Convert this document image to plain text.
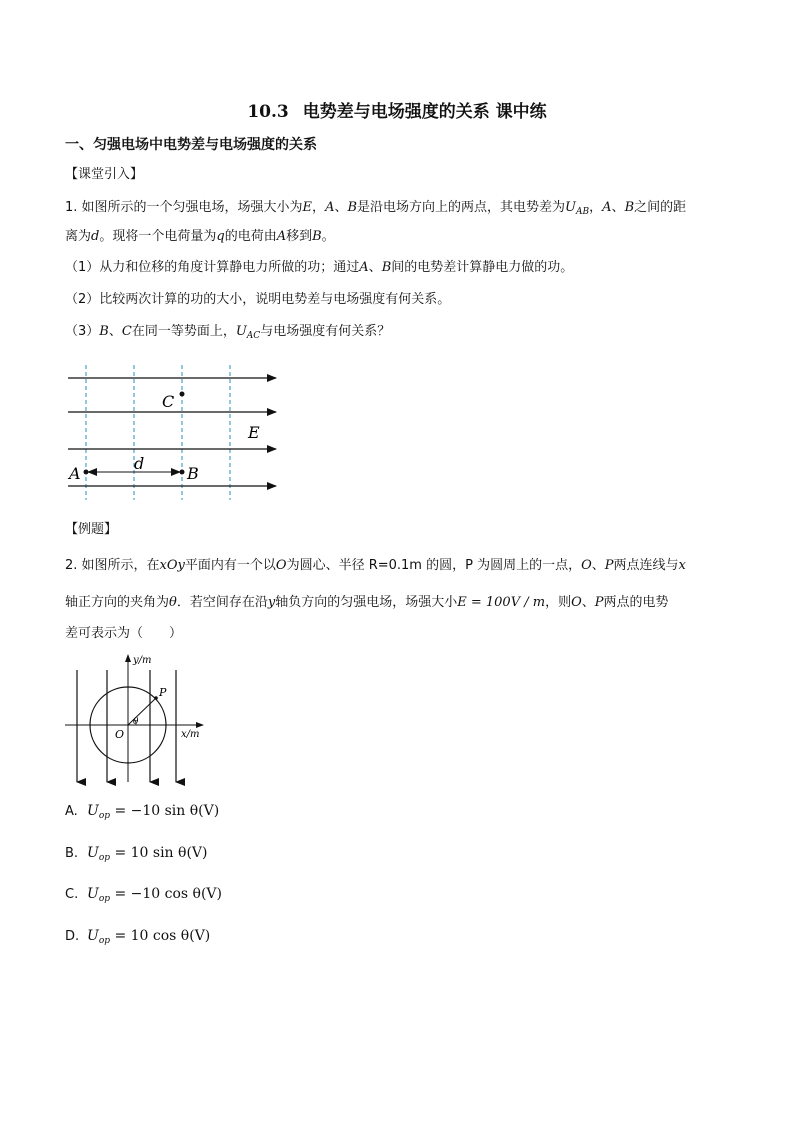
10.3 电势差与电场强度的关系 课中练
一、匀强电场中电势差与电场强度的关系
【课堂引入】
1. 如图所示的一个匀强电场，场强大小为E，A、B是沿电场方向上的两点，其电势差为$U_{AB}$，A、B之间的距
离为d。现将一个电荷量为q的电荷由A移到B。
（1）从力和位移的角度计算静电力所做的功；通过A、B间的电势差计算静电力做的功。
（2）比较两次计算的功的大小，说明电势差与电场强度有何关系。
（3）B、C在同一等势面上，$U_{AC}$与电场强度有何关系？
C
E
d
A	B
【例题】
2. 如图所示，在xOy平面内有一个以O为圆心、半径 R=0.1m 的圆，P 为圆周上的一点，O、P两点连线与x
轴正方向的夹角为θ．若空间存在沿y轴负方向的匀强电场，场强大小E = 100V / m，则O、P两点的电势
差可表示为（　　）
y/m
x/m
O
P
θ
A. $U_{op} = -10$ sin θ(V)
B. $U_{op} = 10$ sin θ(V)
C. $U_{op} = -10$ cos θ(V)
D. $U_{op} = 10$ cos θ(V)
